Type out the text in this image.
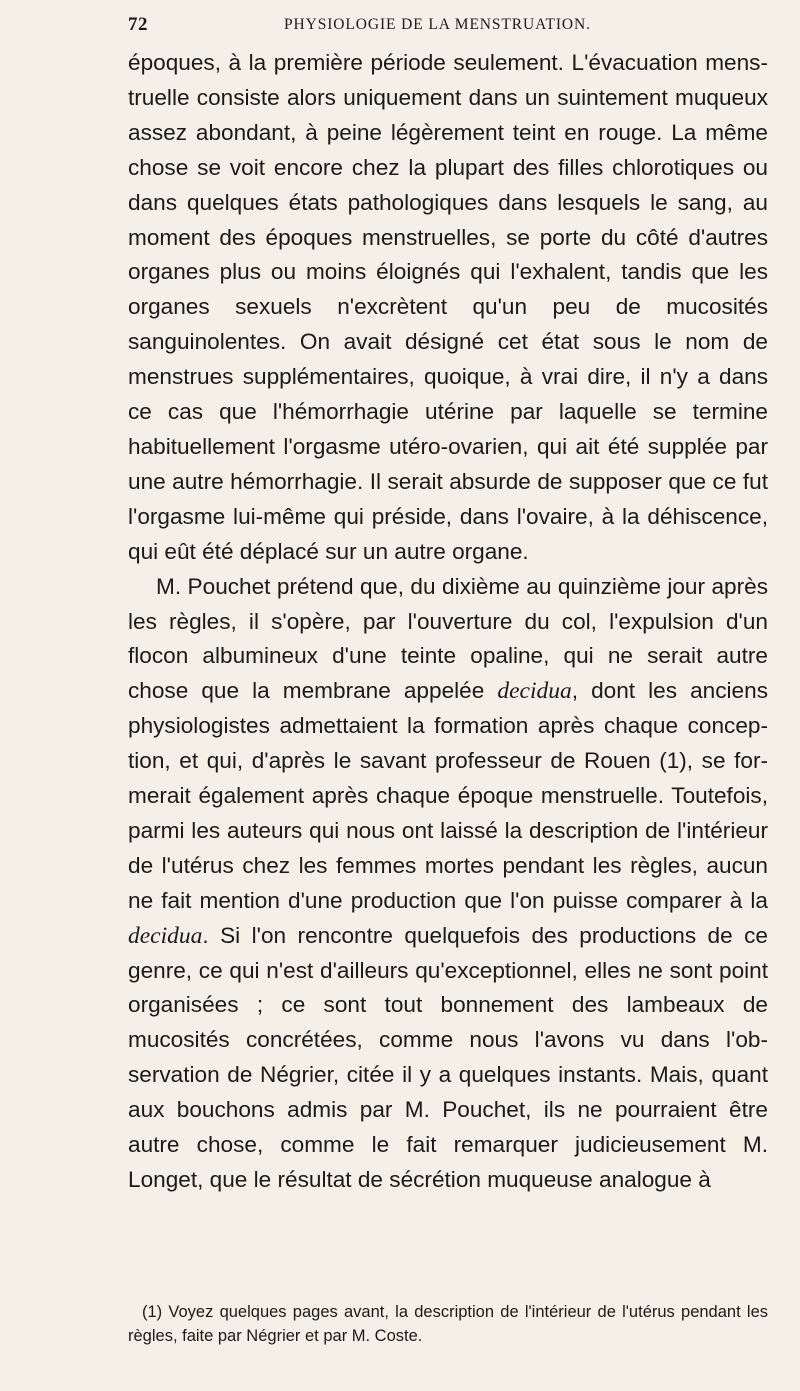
72	PHYSIOLOGIE DE LA MENSTRUATION.

époques, à la première période seulement. L'évacuation menstruelle consiste alors uniquement dans un suintement muqueux assez abondant, à peine légèrement teint en rouge. La même chose se voit encore chez la plupart des filles chlorotiques ou dans quelques états pathologiques dans lesquels le sang, au moment des époques menstruelles, se porte du côté d'autres organes plus ou moins éloignés qui l'exhalent, tandis que les organes sexuels n'excrètent qu'un peu de mucosités sanguinolentes. On avait désigné cet état sous le nom de menstrues supplémentaires, quoique, à vrai dire, il n'y a dans ce cas que l'hémorrhagie utérine par laquelle se termine habituellement l'orgasme utéro-ovarien, qui ait été supplée par une autre hémorrhagie. Il serait absurde de supposer que ce fut l'orgasme lui-même qui préside, dans l'ovaire, à la déhiscence, qui eût été déplacé sur un autre organe.

M. Pouchet prétend que, du dixième au quinzième jour après les règles, il s'opère, par l'ouverture du col, l'expulsion d'un flocon albumineux d'une teinte opaline, qui ne serait autre chose que la membrane appelée decidua, dont les anciens physiologistes admettaient la formation après chaque conception, et qui, d'après le savant professeur de Rouen (1), se formerait également après chaque époque menstruelle. Toutefois, parmi les auteurs qui nous ont laissé la description de l'intérieur de l'utérus chez les femmes mortes pendant les règles, aucun ne fait mention d'une production que l'on puisse comparer à la decidua. Si l'on rencontre quelquefois des productions de ce genre, ce qui n'est d'ailleurs qu'exceptionnel, elles ne sont point organisées ; ce sont tout bonnement des lambeaux de mucosités concrétées, comme nous l'avons vu dans l'observation de Négrier, citée il y a quelques instants. Mais, quant aux bouchons admis par M. Pouchet, ils ne pourraient être autre chose, comme le fait remarquer judicieusement M. Longet, que le résultat de sécrétion muqueuse analogue à

(1) Voyez quelques pages avant, la description de l'intérieur de l'utérus pendant les règles, faite par Négrier et par M. Coste.
